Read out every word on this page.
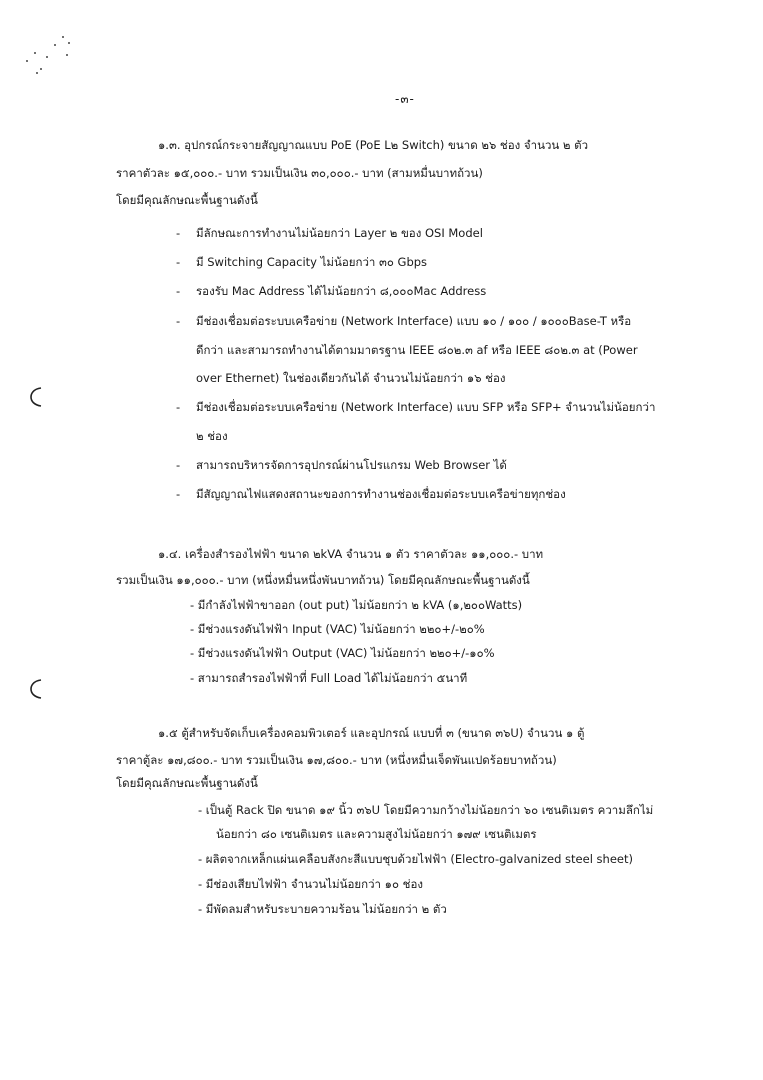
-๓-
๑.๓. อุปกรณ์กระจายสัญญาณแบบ PoE (PoE L๒ Switch) ขนาด ๒๖ ช่อง จำนวน ๒ ตัว
ราคาตัวละ ๑๕,๐๐๐.- บาท รวมเป็นเงิน ๓๐,๐๐๐.- บาท (สามหมื่นบาทถ้วน)
โดยมีคุณลักษณะพื้นฐานดังนี้
- มีลักษณะการทำงานไม่น้อยกว่า Layer ๒ ของ OSI Model
- มี Switching Capacity ไม่น้อยกว่า ๓๐ Gbps
- รองรับ Mac Address ได้ไม่น้อยกว่า ๘,๐๐๐Mac Address
- มีช่องเชื่อมต่อระบบเครือข่าย (Network Interface) แบบ ๑๐ / ๑๐๐ / ๑๐๐๐Base-T หรือ
ดีกว่า และสามารถทำงานได้ตามมาตรฐาน IEEE ๘๐๒.๓ af หรือ IEEE ๘๐๒.๓ at (Power
over Ethernet) ในช่องเดียวกันได้ จำนวนไม่น้อยกว่า ๑๖ ช่อง
- มีช่องเชื่อมต่อระบบเครือข่าย (Network Interface) แบบ SFP หรือ SFP+ จำนวนไม่น้อยกว่า
๒ ช่อง
- สามารถบริหารจัดการอุปกรณ์ผ่านโปรแกรม Web Browser ได้
- มีสัญญาณไฟแสดงสถานะของการทำงานช่องเชื่อมต่อระบบเครือข่ายทุกช่อง
๑.๔. เครื่องสำรองไฟฟ้า ขนาด ๒kVA จำนวน ๑ ตัว ราคาตัวละ ๑๑,๐๐๐.- บาท
รวมเป็นเงิน ๑๑,๐๐๐.- บาท (หนึ่งหมื่นหนึ่งพันบาทถ้วน) โดยมีคุณลักษณะพื้นฐานดังนี้
- มีกำลังไฟฟ้าขาออก (out put) ไม่น้อยกว่า ๒ kVA (๑,๒๐๐Watts)
- มีช่วงแรงดันไฟฟ้า Input (VAC) ไม่น้อยกว่า ๒๒๐+/-๒๐%
- มีช่วงแรงดันไฟฟ้า Output (VAC) ไม่น้อยกว่า ๒๒๐+/-๑๐%
- สามารถสำรองไฟฟ้าที่ Full Load ได้ไม่น้อยกว่า ๕นาที
๑.๕ ตู้สำหรับจัดเก็บเครื่องคอมพิวเตอร์ และอุปกรณ์ แบบที่ ๓ (ขนาด ๓๖U) จำนวน ๑ ตู้
ราคาตู้ละ ๑๗,๘๐๐.- บาท รวมเป็นเงิน ๑๗,๘๐๐.- บาท (หนึ่งหมื่นเจ็ดพันแปดร้อยบาทถ้วน)
โดยมีคุณลักษณะพื้นฐานดังนี้
- เป็นตู้ Rack ปิด ขนาด ๑๙ นิ้ว ๓๖U โดยมีความกว้างไม่น้อยกว่า ๖๐ เซนติเมตร ความลึกไม่
น้อยกว่า ๘๐ เซนติเมตร และความสูงไม่น้อยกว่า ๑๗๙ เซนติเมตร
- ผลิตจากเหล็กแผ่นเคลือบสังกะสีแบบชุบด้วยไฟฟ้า (Electro-galvanized steel sheet)
- มีช่องเสียบไฟฟ้า จำนวนไม่น้อยกว่า ๑๐ ช่อง
- มีพัดลมสำหรับระบายความร้อน ไม่น้อยกว่า ๒ ตัว
